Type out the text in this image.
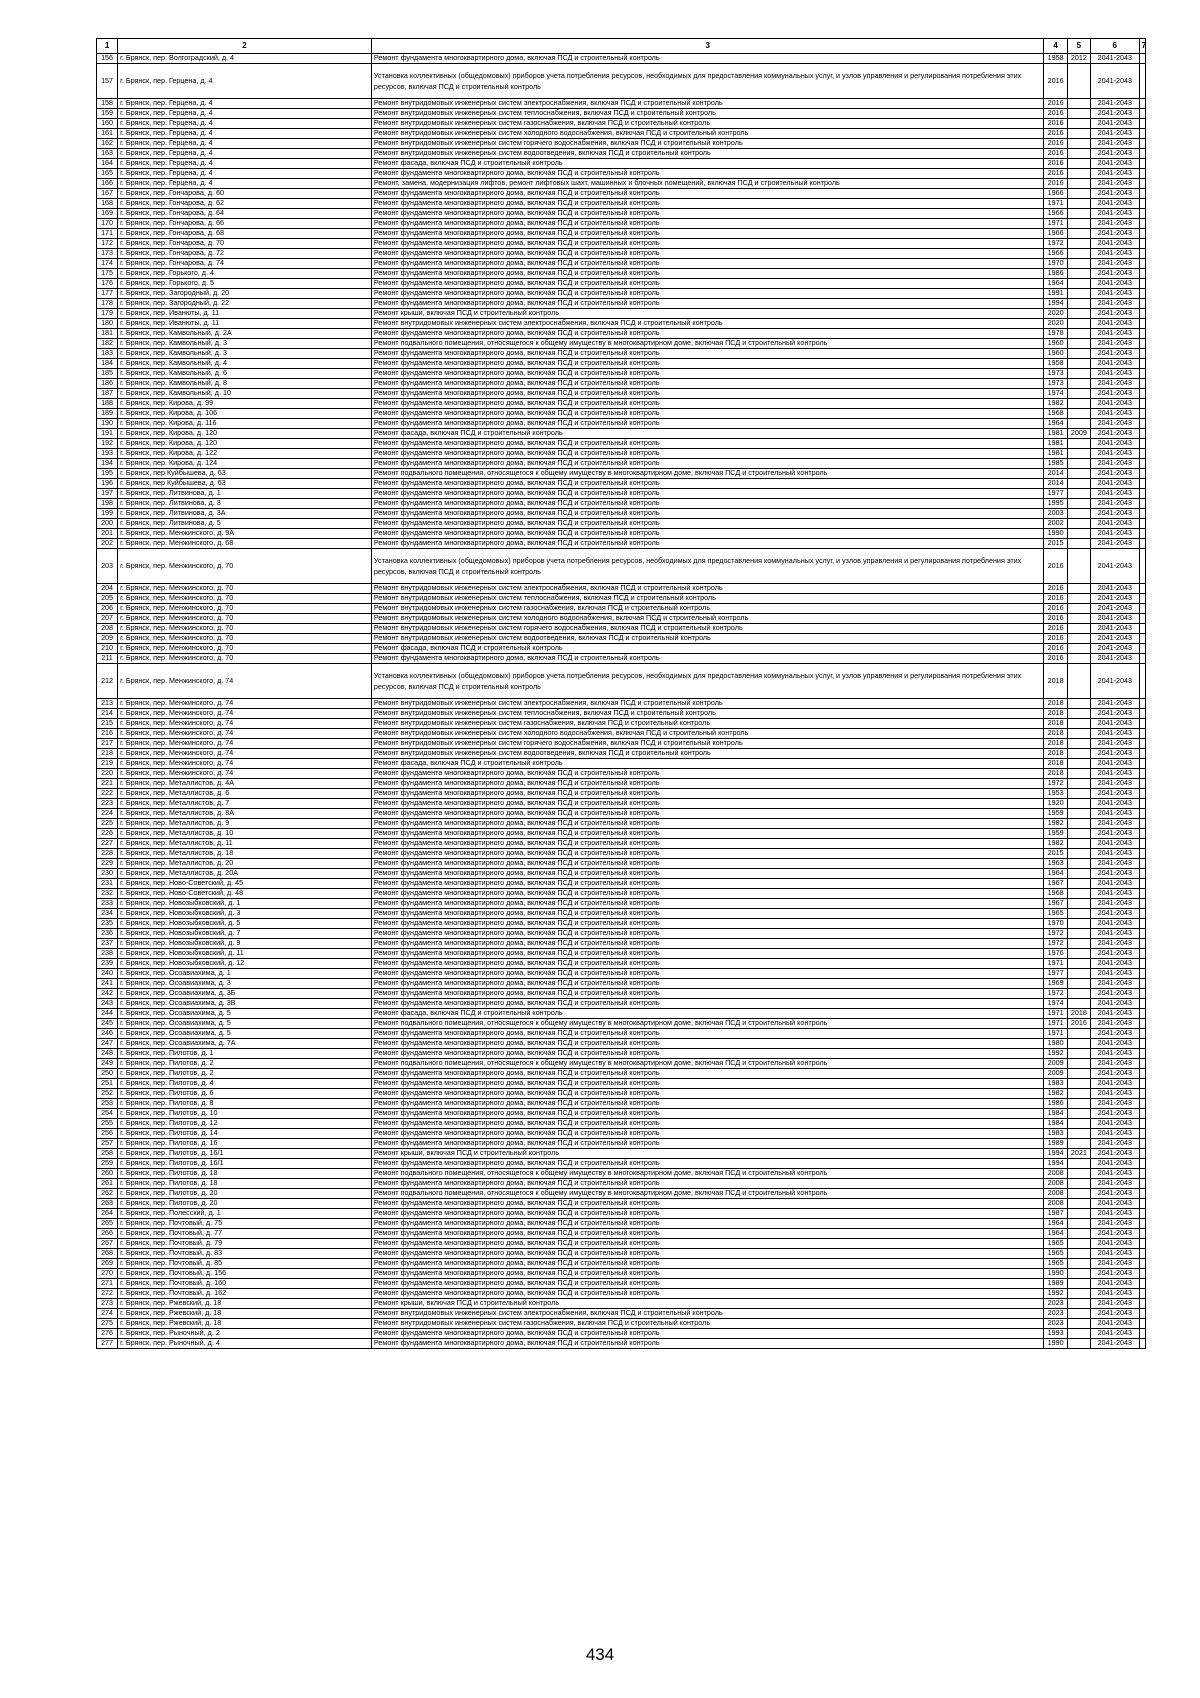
1	2	3	4	5	6	7
156	г. Брянск, пер. Волгоградский, д. 4	Ремонт фундамента многоквартирного дома, включая ПСД и строительный контроль	1958	2012	2041-2043	
157	г. Брянск, пер. Герцена, д. 4	Установка коллективных (общедомовых) приборов учета потребления ресурсов, необходимых для предоставления коммунальных услуг, и узлов управления и регулирования потребления этих ресурсов, включая ПСД и строительный контроль	2016		2041-2043	
158	г. Брянск, пер. Герцена, д. 4	Ремонт внутридомовых инженерных систем электроснабжения, включая ПСД и строительный контроль	2016		2041-2043	
159	г. Брянск, пер. Герцена, д. 4	Ремонт внутридомовых инженерных систем теплоснабжения, включая ПСД и строительный контроль	2016		2041-2043	
160	г. Брянск, пер. Герцена, д. 4	Ремонт внутридомовых инженерных систем газоснабжения, включая ПСД и строительный контроль	2016		2041-2043	
161	г. Брянск, пер. Герцена, д. 4	Ремонт внутридомовых инженерных систем холодного водоснабжения, включая ПСД и строительный контроль	2016		2041-2043	
162	г. Брянск, пер. Герцена, д. 4	Ремонт внутридомовых инженерных систем горячего водоснабжения, включая ПСД и строительный контроль	2016		2041-2043	
163	г. Брянск, пер. Герцена, д. 4	Ремонт внутридомовых инженерных систем водоотведения, включая ПСД и строительный контроль	2016		2041-2043	
164	г. Брянск, пер. Герцена, д. 4	Ремонт фасада, включая ПСД и строительный контроль	2016		2041-2043	
165	г. Брянск, пер. Герцена, д. 4	Ремонт фундамента многоквартирного дома, включая ПСД и строительный контроль	2016		2041-2043	
166	г. Брянск, пер. Герцена, д. 4	Ремонт, замена, модернизация лифтов, ремонт лифтовых шахт, машинных и блочных помещений, включая ПСД и строительный контроль	2016		2041-2043	
167	г. Брянск, пер. Гончарова, д. 60	Ремонт фундамента многоквартирного дома, включая ПСД и строительный контроль	1966		2041-2043	
168	г. Брянск, пер. Гончарова, д. 62	Ремонт фундамента многоквартирного дома, включая ПСД и строительный контроль	1971		2041-2043	
169	г. Брянск, пер. Гончарова, д. 64	Ремонт фундамента многоквартирного дома, включая ПСД и строительный контроль	1966		2041-2043	
170	г. Брянск, пер. Гончарова, д. 66	Ремонт фундамента многоквартирного дома, включая ПСД и строительный контроль	1971		2041-2043	
171	г. Брянск, пер. Гончарова, д. 68	Ремонт фундамента многоквартирного дома, включая ПСД и строительный контроль	1966		2041-2043	
172	г. Брянск, пер. Гончарова, д. 70	Ремонт фундамента многоквартирного дома, включая ПСД и строительный контроль	1972		2041-2043	
173	г. Брянск, пер. Гончарова, д. 72	Ремонт фундамента многоквартирного дома, включая ПСД и строительный контроль	1966		2041-2043	
174	г. Брянск, пер. Гончарова, д. 74	Ремонт фундамента многоквартирного дома, включая ПСД и строительный контроль	1970		2041-2043	
175	г. Брянск, пер. Горького, д. 4	Ремонт фундамента многоквартирного дома, включая ПСД и строительный контроль	1986		2041-2043	
176	г. Брянск, пер. Горького, д. 5	Ремонт фундамента многоквартирного дома, включая ПСД и строительный контроль	1964		2041-2043	
177	г. Брянск, пер. Загородный, д. 20	Ремонт фундамента многоквартирного дома, включая ПСД и строительный контроль	1991		2041-2043	
178	г. Брянск, пер. Загородный, д. 22	Ремонт фундамента многоквартирного дома, включая ПСД и строительный контроль	1994		2041-2043	
179	г. Брянск, пер. Иванюты, д. 11	Ремонт крыши, включая ПСД и строительный контроль	2020		2041-2043	
180	г. Брянск, пер. Иванюты, д. 11	Ремонт внутридомовых инженерных систем электроснабжения, включая ПСД и строительный контроль	2020		2041-2043	
181	г. Брянск, пер. Камвольный, д. 2А	Ремонт фундамента многоквартирного дома, включая ПСД и строительный контроль	1978		2041-2043	
182	г. Брянск, пер. Камвольный, д. 3	Ремонт подвального помещения, относящегося к общему имуществу в многоквартирном доме, включая ПСД и строительный контроль	1960		2041-2043	
183	г. Брянск, пер. Камвольный, д. 3	Ремонт фундамента многоквартирного дома, включая ПСД и строительный контроль	1960		2041-2043	
184	г. Брянск, пер. Камвольный, д. 4	Ремонт фундамента многоквартирного дома, включая ПСД и строительный контроль	1958		2041-2043	
185	г. Брянск, пер. Камвольный, д. 6	Ремонт фундамента многоквартирного дома, включая ПСД и строительный контроль	1973		2041-2043	
186	г. Брянск, пер. Камвольный, д. 8	Ремонт фундамента многоквартирного дома, включая ПСД и строительный контроль	1973		2041-2043	
187	г. Брянск, пер. Камвольный, д. 10	Ремонт фундамента многоквартирного дома, включая ПСД и строительный контроль	1974		2041-2043	
188	г. Брянск, пер. Кирова, д. 99	Ремонт фундамента многоквартирного дома, включая ПСД и строительный контроль	1982		2041-2043	
189	г. Брянск, пер. Кирова, д. 106	Ремонт фундамента многоквартирного дома, включая ПСД и строительный контроль	1968		2041-2043	
190	г. Брянск, пер. Кирова, д. 116	Ремонт фундамента многоквартирного дома, включая ПСД и строительный контроль	1964		2041-2043	
191	г. Брянск, пер. Кирова, д. 120	Ремонт фасада, включая ПСД и строительный контроль	1981	2009	2041-2043	
192	г. Брянск, пер. Кирова, д. 120	Ремонт фундамента многоквартирного дома, включая ПСД и строительный контроль	1981		2041-2043	
193	г. Брянск, пер. Кирова, д. 122	Ремонт фундамента многоквартирного дома, включая ПСД и строительный контроль	1981		2041-2043	
194	г. Брянск, пер. Кирова, д. 124	Ремонт фундамента многоквартирного дома, включая ПСД и строительный контроль	1985		2041-2043	
195	г. Брянск, пер Куйбышева, д. 63	Ремонт подвального помещения, относящегося к общему имуществу в многоквартирном доме, включая ПСД и строительный контроль	2014		2041-2043	
196	г. Брянск, пер Куйбышева, д. 63	Ремонт фундамента многоквартирного дома, включая ПСД и строительный контроль	2014		2041-2043	
197	г. Брянск, пер. Литвинова, д. 1	Ремонт фундамента многоквартирного дома, включая ПСД и строительный контроль	1977		2041-2043	
198	г. Брянск, пер. Литвинова, д. 3	Ремонт фундамента многоквартирного дома, включая ПСД и строительный контроль	1995		2041-2043	
199	г. Брянск, пер. Литвинова, д. 3А	Ремонт фундамента многоквартирного дома, включая ПСД и строительный контроль	2003		2041-2043	
200	г. Брянск, пер. Литвинова, д. 5	Ремонт фундамента многоквартирного дома, включая ПСД и строительный контроль	2002		2041-2043	
201	г. Брянск, пер. Менжинского, д. 9А	Ремонт фундамента многоквартирного дома, включая ПСД и строительный контроль	1990		2041-2043	
202	г. Брянск, пер. Менжинского, д. 68	Ремонт фундамента многоквартирного дома, включая ПСД и строительный контроль	2015		2041-2043	
203	г. Брянск, пер. Менжинского, д. 70	Установка коллективных (общедомовых) приборов учета потребления ресурсов, необходимых для предоставления коммунальных услуг, и узлов управления и регулирования потребления этих ресурсов, включая ПСД и строительный контроль	2016		2041-2043	
204	г. Брянск, пер. Менжинского, д. 70	Ремонт внутридомовых инженерных систем электроснабжения, включая ПСД и строительный контроль	2016		2041-2043	
205	г. Брянск, пер. Менжинского, д. 70	Ремонт внутридомовых инженерных систем теплоснабжения, включая ПСД и строительный контроль	2016		2041-2043	
206	г. Брянск, пер. Менжинского, д. 70	Ремонт внутридомовых инженерных систем газоснабжения, включая ПСД и строительный контроль	2016		2041-2043	
207	г. Брянск, пер. Менжинского, д. 70	Ремонт внутридомовых инженерных систем холодного водоснабжения, включая ПСД и строительный контроль	2016		2041-2043	
208	г. Брянск, пер. Менжинского, д. 70	Ремонт внутридомовых инженерных систем горячего водоснабжения, включая ПСД и строительный контроль	2016		2041-2043	
209	г. Брянск, пер. Менжинского, д. 70	Ремонт внутридомовых инженерных систем водоотведения, включая ПСД и строительный контроль	2016		2041-2043	
210	г. Брянск, пер. Менжинского, д. 70	Ремонт фасада, включая ПСД и строительный контроль	2016		2041-2043	
211	г. Брянск, пер. Менжинского, д. 70	Ремонт фундамента многоквартирного дома, включая ПСД и строительный контроль	2016		2041-2043	
212	г. Брянск, пер. Менжинского, д. 74	Установка коллективных (общедомовых) приборов учета потребления ресурсов, необходимых для предоставления коммунальных услуг, и узлов управления и регулирования потребления этих ресурсов, включая ПСД и строительный контроль	2018		2041-2043	
213	г. Брянск, пер. Менжинского, д. 74	Ремонт внутридомовых инженерных систем электроснабжения, включая ПСД и строительный контроль	2018		2041-2043	
214	г. Брянск, пер. Менжинского, д. 74	Ремонт внутридомовых инженерных систем теплоснабжения, включая ПСД и строительный контроль	2018		2041-2043	
215	г. Брянск, пер. Менжинского, д. 74	Ремонт внутридомовых инженерных систем газоснабжения, включая ПСД и строительный контроль	2018		2041-2043	
216	г. Брянск, пер. Менжинского, д. 74	Ремонт внутридомовых инженерных систем холодного водоснабжения, включая ПСД и строительный контроль	2018		2041-2043	
217	г. Брянск, пер. Менжинского, д. 74	Ремонт внутридомовых инженерных систем горячего водоснабжения, включая ПСД и строительный контроль	2018		2041-2043	
218	г. Брянск, пер. Менжинского, д. 74	Ремонт внутридомовых инженерных систем водоотведения, включая ПСД и строительный контроль	2018		2041-2043	
219	г. Брянск, пер. Менжинского, д. 74	Ремонт фасада, включая ПСД и строительный контроль	2018		2041-2043	
220	г. Брянск, пер. Менжинского, д. 74	Ремонт фундамента многоквартирного дома, включая ПСД и строительный контроль	2018		2041-2043	
221	г. Брянск, пер. Металлистов, д. 4А	Ремонт фундамента многоквартирного дома, включая ПСД и строительный контроль	1972		2041-2043	
222	г. Брянск, пер. Металлистов, д. 6	Ремонт фундамента многоквартирного дома, включая ПСД и строительный контроль	1953		2041-2043	
223	г. Брянск, пер. Металлистов, д. 7	Ремонт фундамента многоквартирного дома, включая ПСД и строительный контроль	1920		2041-2043	
224	г. Брянск, пер. Металлистов, д. 8А	Ремонт фундамента многоквартирного дома, включая ПСД и строительный контроль	1959		2041-2043	
225	г. Брянск, пер. Металлистов, д. 9	Ремонт фундамента многоквартирного дома, включая ПСД и строительный контроль	1982		2041-2043	
226	г. Брянск, пер. Металлистов, д. 10	Ремонт фундамента многоквартирного дома, включая ПСД и строительный контроль	1959		2041-2043	
227	г. Брянск, пер. Металлистов, д. 11	Ремонт фундамента многоквартирного дома, включая ПСД и строительный контроль	1982		2041-2043	
228	г. Брянск, пер. Металлистов, д. 18	Ремонт фундамента многоквартирного дома, включая ПСД и строительный контроль	2015		2041-2043	
229	г. Брянск, пер. Металлистов, д. 20	Ремонт фундамента многоквартирного дома, включая ПСД и строительный контроль	1963		2041-2043	
230	г. Брянск, пер. Металлистов, д. 20А	Ремонт фундамента многоквартирного дома, включая ПСД и строительный контроль	1964		2041-2043	
231	г. Брянск, пер. Ново-Советский, д. 45	Ремонт фундамента многоквартирного дома, включая ПСД и строительный контроль	1967		2041-2043	
232	г. Брянск, пер. Ново-Советский, д. 48	Ремонт фундамента многоквартирного дома, включая ПСД и строительный контроль	1968		2041-2043	
233	г. Брянск, пер. Новозыбковский, д. 1	Ремонт фундамента многоквартирного дома, включая ПСД и строительный контроль	1967		2041-2043	
234	г. Брянск, пер. Новозыбковский, д. 3	Ремонт фундамента многоквартирного дома, включая ПСД и строительный контроль	1965		2041-2043	
235	г. Брянск, пер. Новозыбковский, д. 5	Ремонт фундамента многоквартирного дома, включая ПСД и строительный контроль	1970		2041-2043	
236	г. Брянск, пер. Новозыбковский, д. 7	Ремонт фундамента многоквартирного дома, включая ПСД и строительный контроль	1972		2041-2043	
237	г. Брянск, пер. Новозыбковский, д. 9	Ремонт фундамента многоквартирного дома, включая ПСД и строительный контроль	1972		2041-2043	
238	г. Брянск, пер. Новозыбковский, д. 11	Ремонт фундамента многоквартирного дома, включая ПСД и строительный контроль	1976		2041-2043	
239	г. Брянск, пер. Новозыбковский, д. 12	Ремонт фундамента многоквартирного дома, включая ПСД и строительный контроль	1971		2041-2043	
240	г. Брянск, пер. Осоавиахима, д. 1	Ремонт фундамента многоквартирного дома, включая ПСД и строительный контроль	1977		2041-2043	
241	г. Брянск, пер. Осоавиахима, д. 3	Ремонт фундамента многоквартирного дома, включая ПСД и строительный контроль	1969		2041-2043	
242	г. Брянск, пер. Осоавиахима, д. 3Б	Ремонт фундамента многоквартирного дома, включая ПСД и строительный контроль	1972		2041-2043	
243	г. Брянск, пер. Осоавиахима, д. 3В	Ремонт фундамента многоквартирного дома, включая ПСД и строительный контроль	1974		2041-2043	
244	г. Брянск, пер. Осоавиахима, д. 5	Ремонт фасада, включая ПСД и строительный контроль	1971	2018	2041-2043	
245	г. Брянск, пер. Осоавиахима, д. 5	Ремонт подвального помещения, относящегося к общему имуществу в многоквартирном доме, включая ПСД и строительный контроль	1971	2016	2041-2043	
246	г. Брянск, пер. Осоавиахима, д. 5	Ремонт фундамента многоквартирного дома, включая ПСД и строительный контроль	1971		2041-2043	
247	г. Брянск, пер. Осоавиахима, д. 7А	Ремонт фундамента многоквартирного дома, включая ПСД и строительный контроль	1980		2041-2043	
248	г. Брянск, пер. Пилотов, д. 1	Ремонт фундамента многоквартирного дома, включая ПСД и строительный контроль	1992		2041-2043	
249	г. Брянск, пер. Пилотов, д. 2	Ремонт подвального помещения, относящегося к общему имуществу в многоквартирном доме, включая ПСД и строительный контроль	2009		2041-2043	
250	г. Брянск, пер. Пилотов, д. 2	Ремонт фундамента многоквартирного дома, включая ПСД и строительный контроль	2009		2041-2043	
251	г. Брянск, пер. Пилотов, д. 4	Ремонт фундамента многоквартирного дома, включая ПСД и строительный контроль	1983		2041-2043	
252	г. Брянск, пер. Пилотов, д. 6	Ремонт фундамента многоквартирного дома, включая ПСД и строительный контроль	1982		2041-2043	
253	г. Брянск, пер. Пилотов, д. 8	Ремонт фундамента многоквартирного дома, включая ПСД и строительный контроль	1986		2041-2043	
254	г. Брянск, пер. Пилотов, д. 10	Ремонт фундамента многоквартирного дома, включая ПСД и строительный контроль	1984		2041-2043	
255	г. Брянск, пер. Пилотов, д. 12	Ремонт фундамента многоквартирного дома, включая ПСД и строительный контроль	1984		2041-2043	
256	г. Брянск, пер. Пилотов, д. 14	Ремонт фундамента многоквартирного дома, включая ПСД и строительный контроль	1983		2041-2043	
257	г. Брянск, пер. Пилотов, д. 16	Ремонт фундамента многоквартирного дома, включая ПСД и строительный контроль	1989		2041-2043	
258	г. Брянск, пер. Пилотов, д. 16/1	Ремонт крыши, включая ПСД и строительный контроль	1994	2021	2041-2043	
259	г. Брянск, пер. Пилотов, д. 16/1	Ремонт фундамента многоквартирного дома, включая ПСД и строительный контроль	1994		2041-2043	
260	г. Брянск, пер. Пилотов, д. 18	Ремонт подвального помещения, относящегося к общему имуществу в многоквартирном доме, включая ПСД и строительный контроль	2008		2041-2043	
261	г. Брянск, пер. Пилотов, д. 18	Ремонт фундамента многоквартирного дома, включая ПСД и строительный контроль	2008		2041-2043	
262	г. Брянск, пер. Пилотов, д. 20	Ремонт подвального помещения, относящегося к общему имуществу в многоквартирном доме, включая ПСД и строительный контроль	2008		2041-2043	
263	г. Брянск, пер. Пилотов, д. 20	Ремонт фундамента многоквартирного дома, включая ПСД и строительный контроль	2008		2041-2043	
264	г. Брянск, пер. Полесский, д. 1	Ремонт фундамента многоквартирного дома, включая ПСД и строительный контроль	1987		2041-2043	
265	г. Брянск, пер. Почтовый, д. 75	Ремонт фундамента многоквартирного дома, включая ПСД и строительный контроль	1964		2041-2043	
266	г. Брянск, пер. Почтовый, д. 77	Ремонт фундамента многоквартирного дома, включая ПСД и строительный контроль	1964		2041-2043	
267	г. Брянск, пер. Почтовый, д. 79	Ремонт фундамента многоквартирного дома, включая ПСД и строительный контроль	1965		2041-2043	
268	г. Брянск, пер. Почтовый, д. 83	Ремонт фундамента многоквартирного дома, включая ПСД и строительный контроль	1965		2041-2043	
269	г. Брянск, пер. Почтовый, д. 85	Ремонт фундамента многоквартирного дома, включая ПСД и строительный контроль	1965		2041-2043	
270	г. Брянск, пер. Почтовый, д. 156	Ремонт фундамента многоквартирного дома, включая ПСД и строительный контроль	1990		2041-2043	
271	г. Брянск, пер. Почтовый, д. 160	Ремонт фундамента многоквартирного дома, включая ПСД и строительный контроль	1989		2041-2043	
272	г. Брянск, пер. Почтовый, д. 162	Ремонт фундамента многоквартирного дома, включая ПСД и строительный контроль	1992		2041-2043	
273	г. Брянск, пер. Ржевский, д. 18	Ремонт крыши, включая ПСД и строительный контроль	2023		2041-2043	
274	г. Брянск, пер. Ржевский, д. 18	Ремонт внутридомовых инженерных систем электроснабжения, включая ПСД и строительный контроль	2023		2041-2043	
275	г. Брянск, пер. Ржевский, д. 18	Ремонт внутридомовых инженерных систем газоснабжения, включая ПСД и строительный контроль	2023		2041-2043	
276	г. Брянск, пер. Рыночный, д. 2	Ремонт фундамента многоквартирного дома, включая ПСД и строительный контроль	1993		2041-2043	
277	г. Брянск, пер. Рыночный, д. 4	Ремонт фундамента многоквартирного дома, включая ПСД и строительный контроль	1990		2041-2043	
434
